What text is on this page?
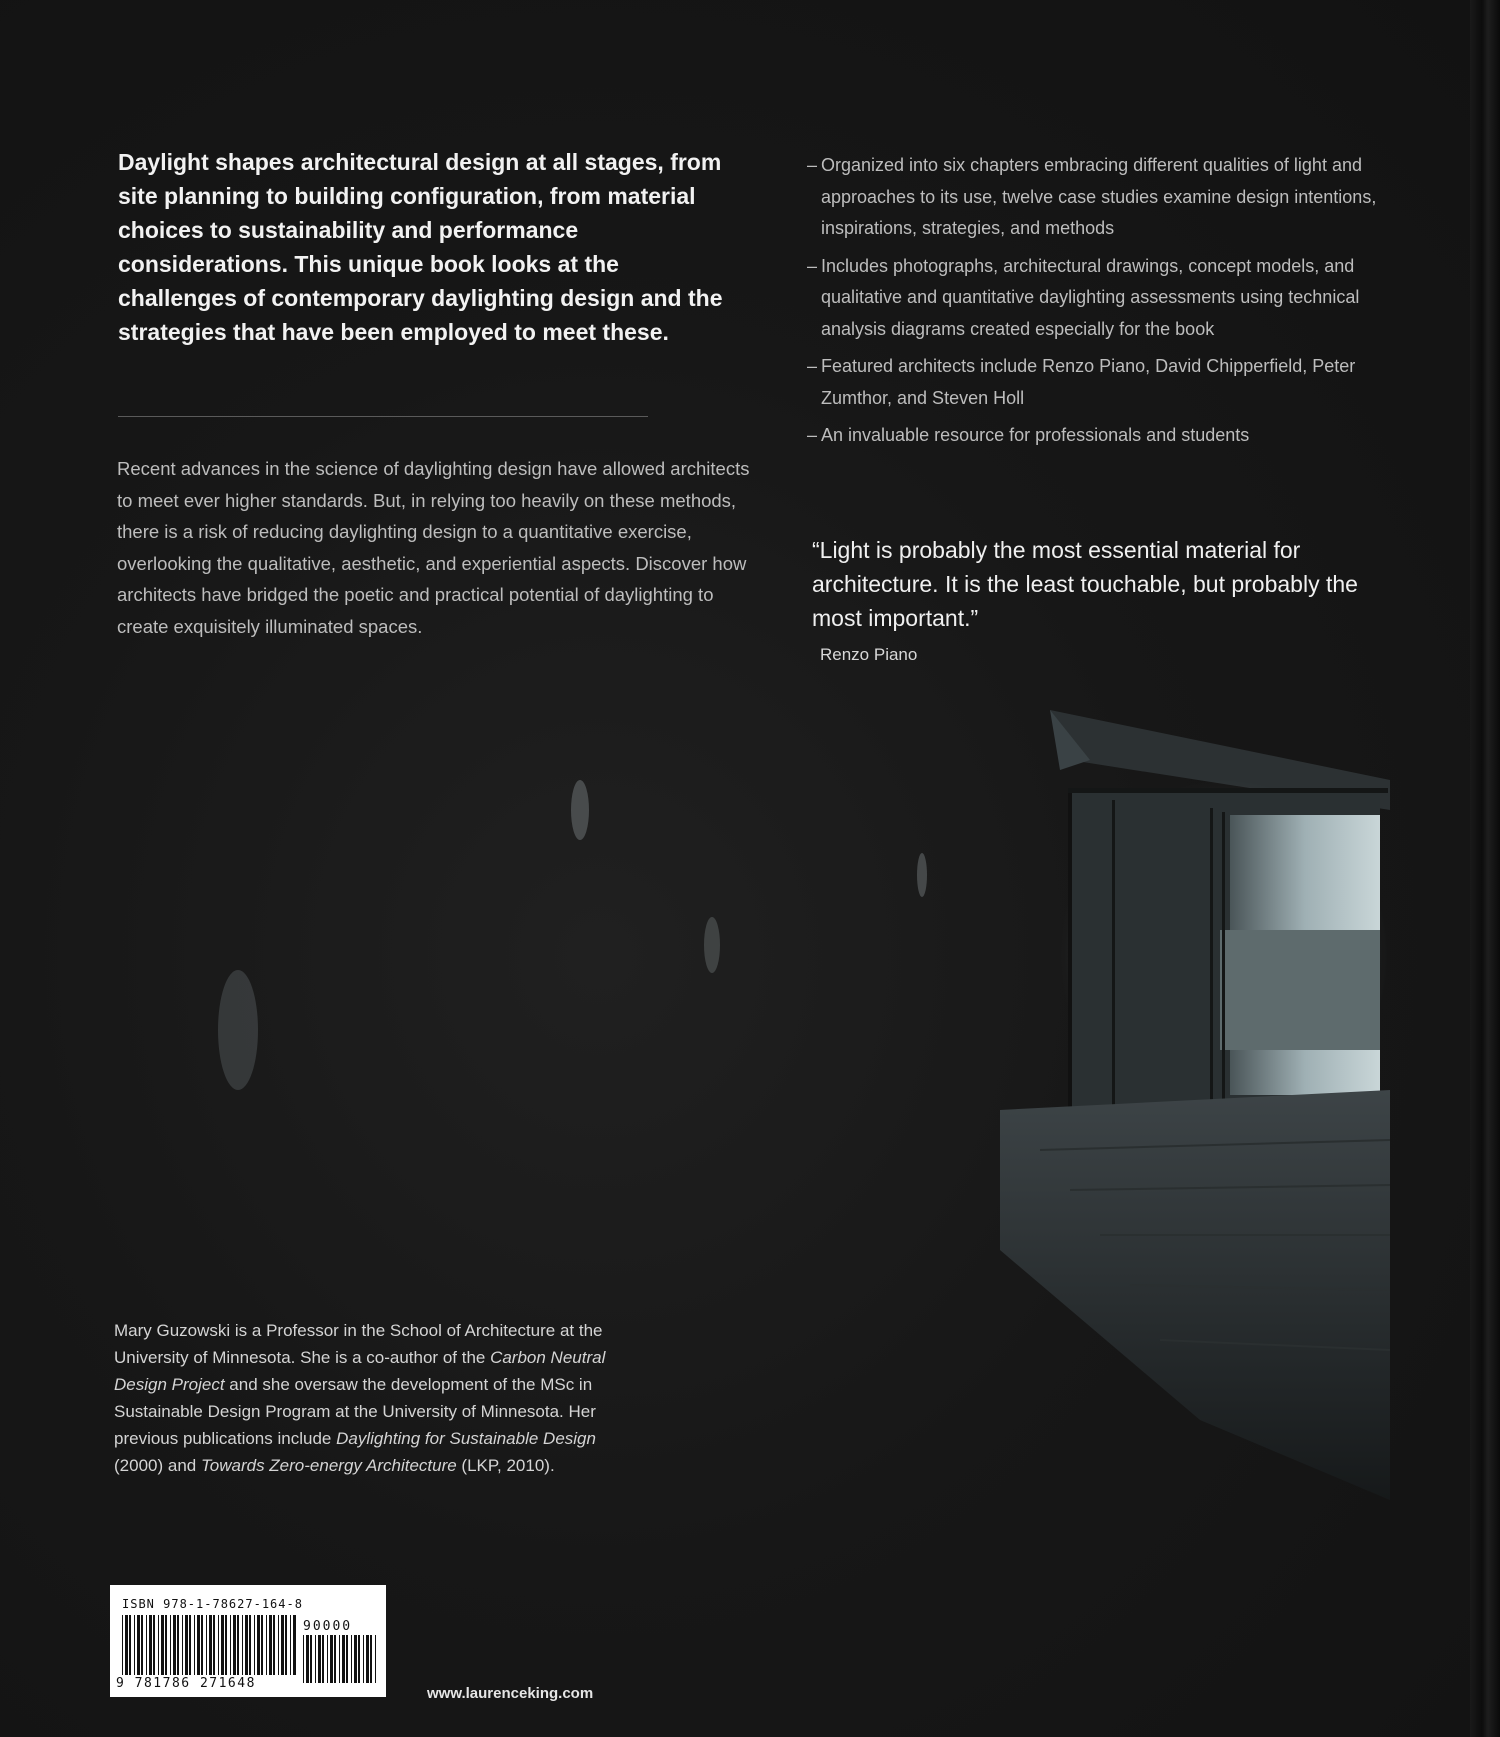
Daylight shapes architectural design at all stages, from site planning to building configuration, from material choices to sustainability and performance considerations. This unique book looks at the challenges of contemporary daylighting design and the strategies that have been employed to meet these.

Recent advances in the science of daylighting design have allowed architects to meet ever higher standards. But, in relying too heavily on these methods, there is a risk of reducing daylighting design to a quantitative exercise, overlooking the qualitative, aesthetic, and experiential aspects. Discover how architects have bridged the poetic and practical potential of daylighting to create exquisitely illuminated spaces.

– Organized into six chapters embracing different qualities of light and approaches to its use, twelve case studies examine design intentions, inspirations, strategies, and methods
– Includes photographs, architectural drawings, concept models, and qualitative and quantitative daylighting assessments using technical analysis diagrams created especially for the book
– Featured architects include Renzo Piano, David Chipperfield, Peter Zumthor, and Steven Holl
– An invaluable resource for professionals and students

“Light is probably the most essential material for architecture. It is the least touchable, but probably the most important.”

Renzo Piano

Mary Guzowski is a Professor in the School of Architecture at the University of Minnesota. She is a co-author of the Carbon Neutral Design Project and she oversaw the development of the MSc in Sustainable Design Program at the University of Minnesota. Her previous publications include Daylighting for Sustainable Design (2000) and Towards Zero-energy Architecture (LKP, 2010).

ISBN 978-1-78627-164-8
90000
9 781786 271648

www.laurenceking.com
